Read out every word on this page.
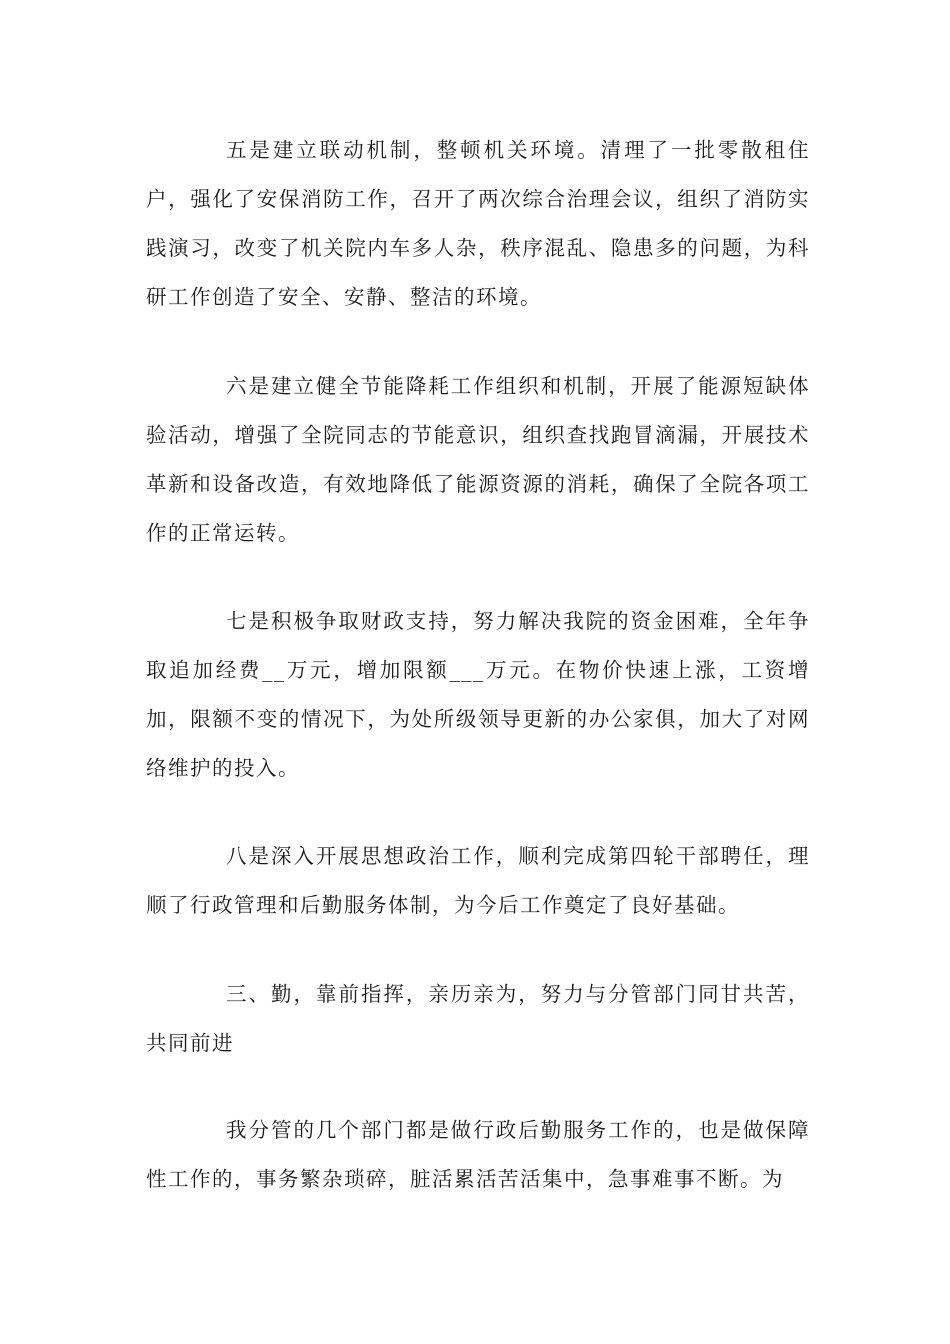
五是建立联动机制，整顿机关环境。清理了一批零散租住户，强化了安保消防工作，召开了两次综合治理会议，组织了消防实践演习，改变了机关院内车多人杂，秩序混乱、隐患多的问题，为科研工作创造了安全、安静、整洁的环境。

六是建立健全节能降耗工作组织和机制，开展了能源短缺体验活动，增强了全院同志的节能意识，组织查找跑冒滴漏，开展技术革新和设备改造，有效地降低了能源资源的消耗，确保了全院各项工作的正常运转。

七是积极争取财政支持，努力解决我院的资金困难，全年争取追加经费__万元，增加限额___万元。在物价快速上涨，工资增加，限额不变的情况下，为处所级领导更新的办公家俱，加大了对网络维护的投入。

八是深入开展思想政治工作，顺利完成第四轮干部聘任，理顺了行政管理和后勤服务体制，为今后工作奠定了良好基础。

三、勤，靠前指挥，亲历亲为，努力与分管部门同甘共苦，共同前进

我分管的几个部门都是做行政后勤服务工作的，也是做保障性工作的，事务繁杂琐碎，脏活累活苦活集中，急事难事不断。为
